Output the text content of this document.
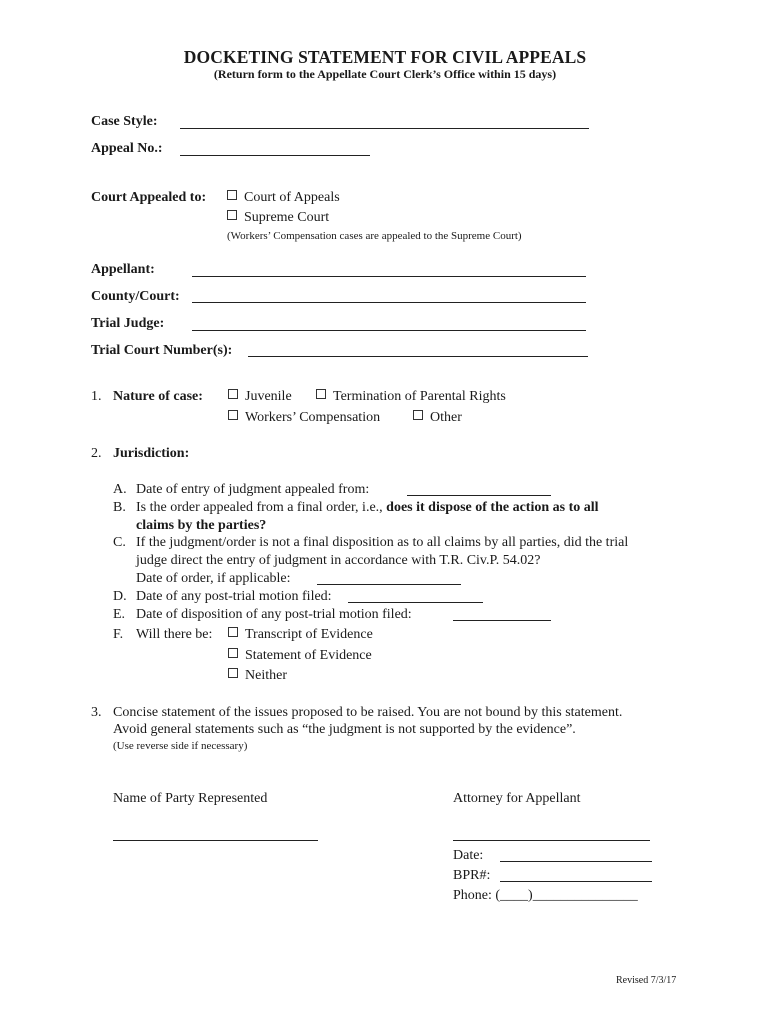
DOCKETING STATEMENT FOR CIVIL APPEALS
(Return form to the Appellate Court Clerk’s Office within 15 days)
Case Style:
Appeal No.:
Court Appealed to:	Court of Appeals
Supreme Court
(Workers’ Compensation cases are appealed to the Supreme Court)
Appellant:
County/Court:
Trial Judge:
Trial Court Number(s):
1. Nature of case:	Juvenile	Termination of Parental Rights
Workers’ Compensation	Other
2. Jurisdiction:
A. Date of entry of judgment appealed from:
B. Is the order appealed from a final order, i.e., does it dispose of the action as to all
claims by the parties?
C. If the judgment/order is not a final disposition as to all claims by all parties, did the trial
judge direct the entry of judgment in accordance with T.R. Civ.P. 54.02?
Date of order, if applicable:
D. Date of any post-trial motion filed:
E. Date of disposition of any post-trial motion filed:
F. Will there be:	Transcript of Evidence
Statement of Evidence
Neither
3. Concise statement of the issues proposed to be raised. You are not bound by this statement.
Avoid general statements such as “the judgment is not supported by the evidence”.
(Use reverse side if necessary)
Name of Party Represented	Attorney for Appellant
Date:
BPR#:
Phone: (____)_______________
Revised 7/3/17
